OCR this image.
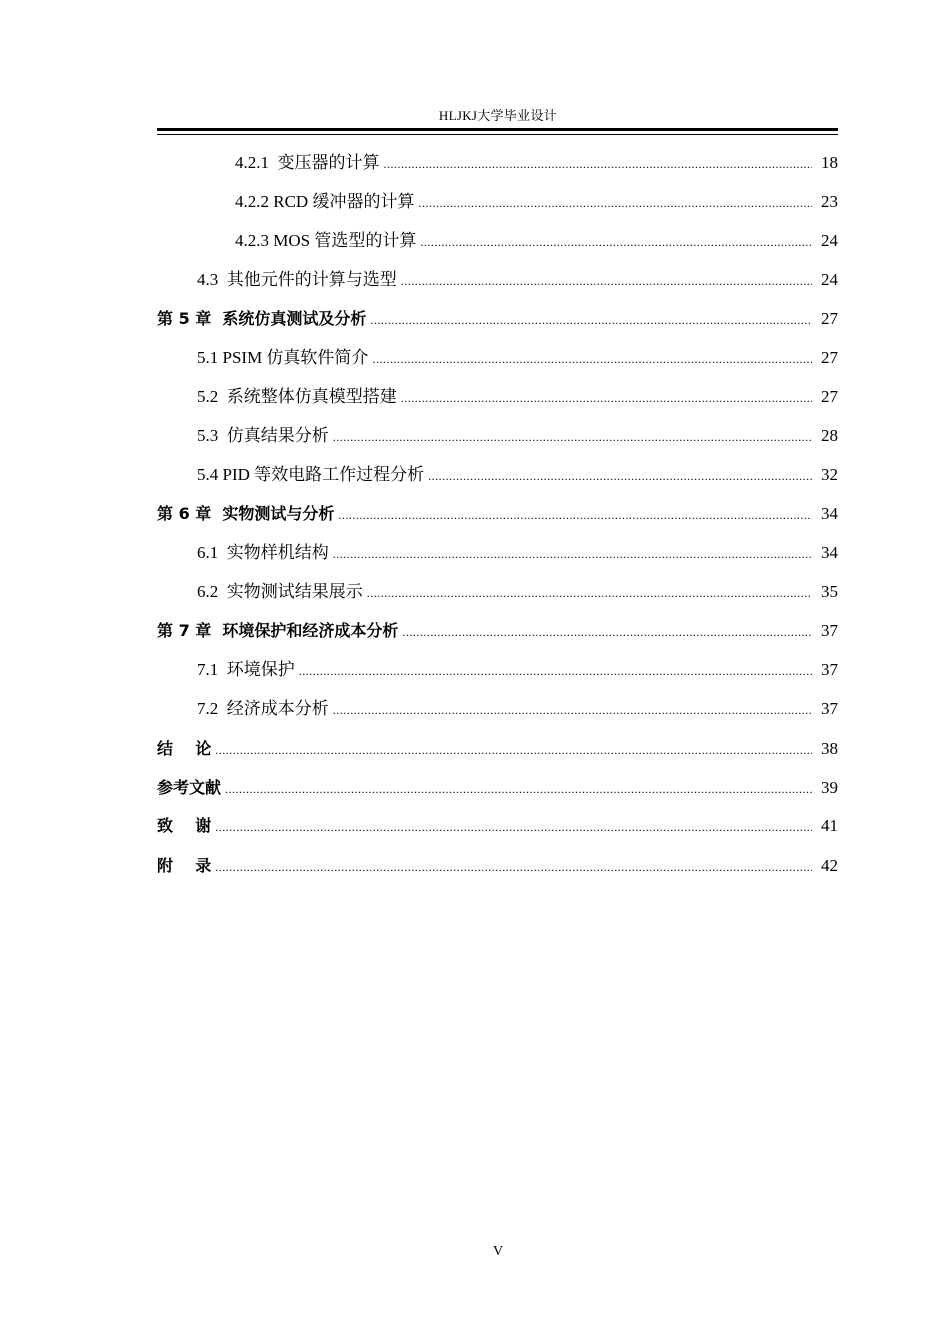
HLJKJ大学毕业设计
4.2.1  变压器的计算 .....	18
4.2.2 RCD 缓冲器的计算 .....	23
4.2.3 MOS 管选型的计算 .....	24
4.3  其他元件的计算与选型 .....	24
第 5 章  系统仿真测试及分析 .....	27
5.1 PSIM 仿真软件简介 .....	27
5.2  系统整体仿真模型搭建 .....	27
5.3  仿真结果分析 .....	28
5.4 PID 等效电路工作过程分析 .....	32
第 6 章  实物测试与分析 .....	34
6.1  实物样机结构 .....	34
6.2  实物测试结果展示 .....	35
第 7 章  环境保护和经济成本分析 .....	37
7.1  环境保护 .....	37
7.2  经济成本分析 .....	37
结    论 .....	38
参考文献 .....	39
致    谢 .....	41
附    录 .....	42
V
